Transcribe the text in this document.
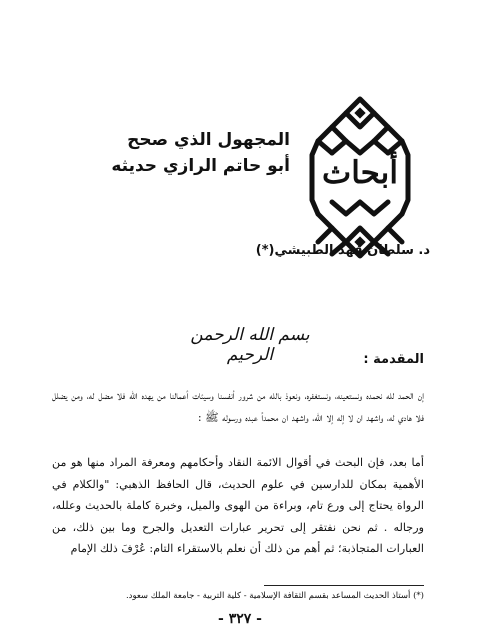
أبحاث
المجهول الذي صحح
أبو حاتم الرازي حديثه
د. سلطان فهد الطبيشي(*)
بسم الله الرحمن الرحيم	المقدمة :

إن الحمد لله نحمده ونستعينه، ونستغفره، ونعوذ بالله من شرور أنفسنا وسيئات أعمالنا من يهده الله فلا مضل له، ومن يضلل فلا هادي له، واشهد ان لا إله إلا الله، واشهد ان محمداً عبده ورسوله ﷺ :

أما بعد، فإن البحث في أقوال الائمة النقاد وأحكامهم ومعرفة المراد منها هو من الأهمية بمكان للدارسين في علوم الحديث، قال الحافظ الذهبي: "والكلام في الرواة يحتاج إلى ورع تام، وبراءة من الهوى والميل، وخبرة كاملة بالحديث وعلله، ورجاله . ثم نحن نفتقر إلى تحرير عبارات التعديل والجرح وما بين ذلك، من العبارات المتجاذبة؛ ثم أهم من ذلك أن نعلم بالاستقراء التام: عُرْفَ ذلك الإمام

(*) أستاذ الحديث المساعد بقسم الثقافة الإسلامية - كلية التربية - جامعة الملك سعود.
- ٣٢٧ -
